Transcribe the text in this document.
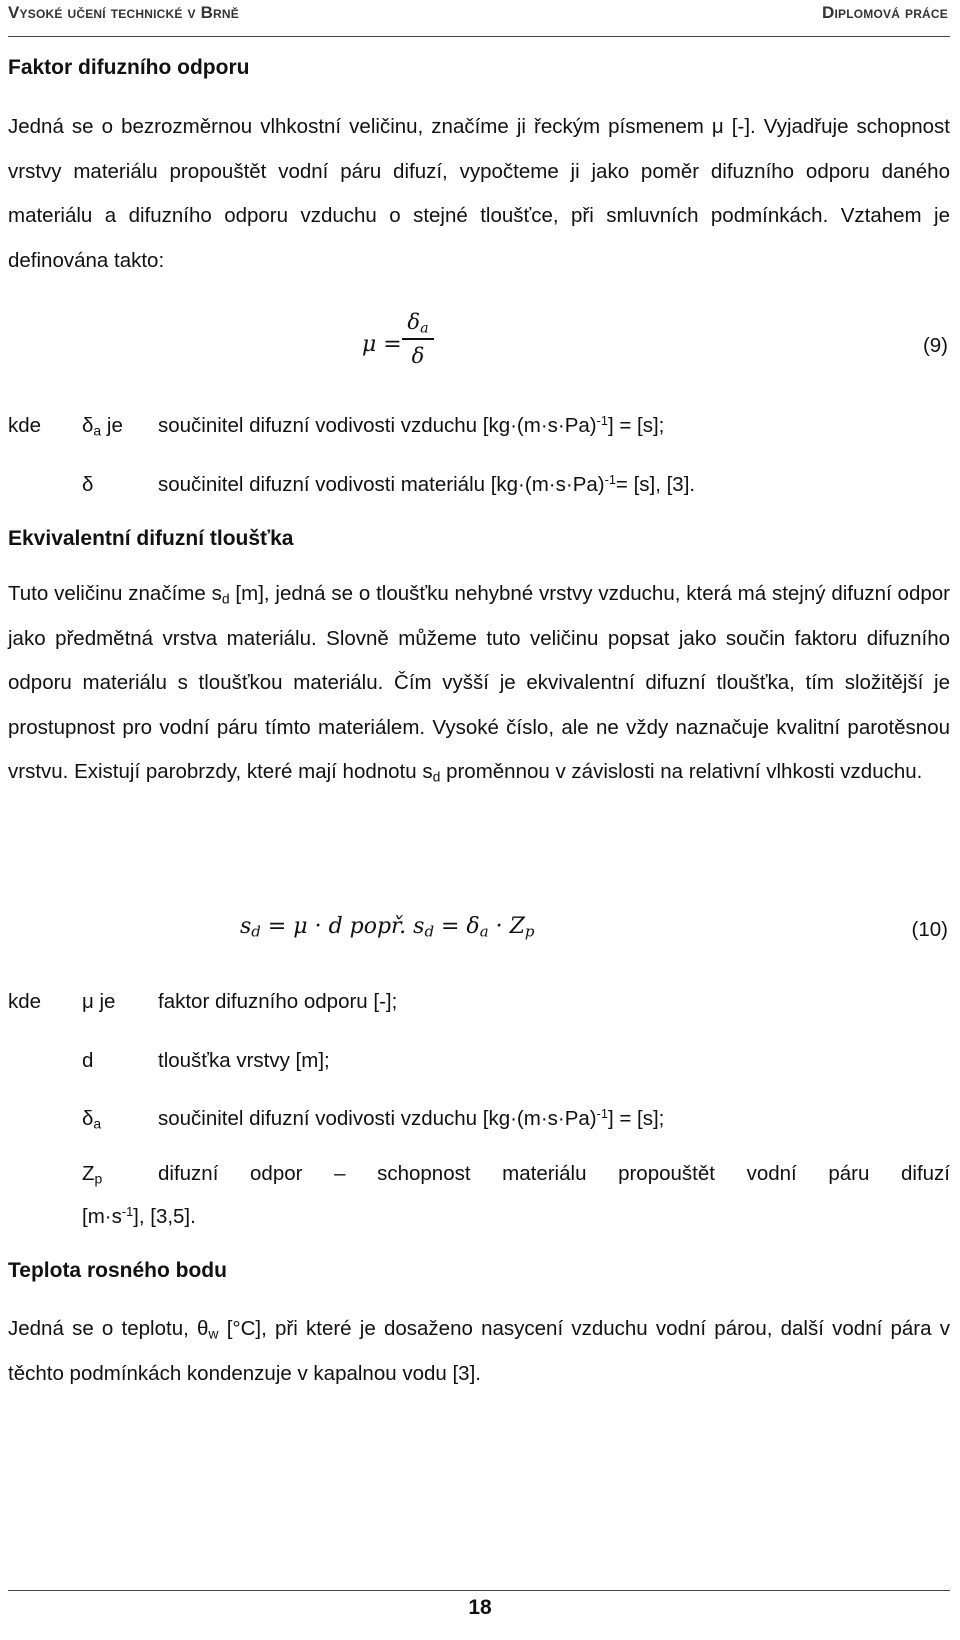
Vysoké učení technické v Brně	Diplomová práce
Faktor difuzního odporu

Jedná se o bezrozměrnou vlhkostní veličinu, značíme ji řeckým písmenem μ [-]. Vyjadřuje schopnost vrstvy materiálu propouštět vodní páru difuzí, vypočteme ji jako poměr difuzního odporu daného materiálu a difuzního odporu vzduchu o stejné tloušťce, při smluvních podmínkách. Vztahem je definována takto:

μ =
$\delta_a$
δ	(9)
kde $\delta_a$ je součinitel difuzní vodivosti vzduchu $[kg\cdot(m\cdot s\cdot Pa)^{-1}] = [s]$;
δ	součinitel difuzní vodivosti materiálu [$kg\cdot(m\cdot s\cdot Pa)^{-1}= [s]$, [3].
Ekvivalentní difuzní tloušťka

Tuto veličinu značíme $s_d$ [m], jedná se o tloušťku nehybné vrstvy vzduchu, která má stejný difuzní odpor jako předmětná vrstva materiálu. Slovně můžeme tuto veličinu popsat jako součin faktoru difuzního odporu materiálu s tloušťkou materiálu. Čím vyšší je ekvivalentní difuzní tloušťka, tím složitější je prostupnost pro vodní páru tímto materiálem. Vysoké číslo, ale ne vždy naznačuje kvalitní parotěsnou vrstvu. Existují parobrzdy, které mají hodnotu $s_d$ proměnnou v závislosti na relativní vlhkosti vzduchu.

$s_d = \mu \cdot d$ popř. $s_d = \delta_a \cdot Z_p$	(10)
kde μ je faktor difuzního odporu [-];
d	tloušťka vrstvy [m];
$\delta_a$	součinitel difuzní vodivosti vzduchu $[kg\cdot(m\cdot s\cdot Pa)^{-1}] = [s]$;
$Z_p$	difuzní odpor – schopnost materiálu propouštět vodní páru difuzí
$[m\cdot s^{-1}]$, [3,5].
Teplota rosného bodu

Jedná se o teplotu, $\theta_w$ [°C], při které je dosaženo nasycení vzduchu vodní párou, další vodní pára v těchto podmínkách kondenzuje v kapalnou vodu [3].

18
